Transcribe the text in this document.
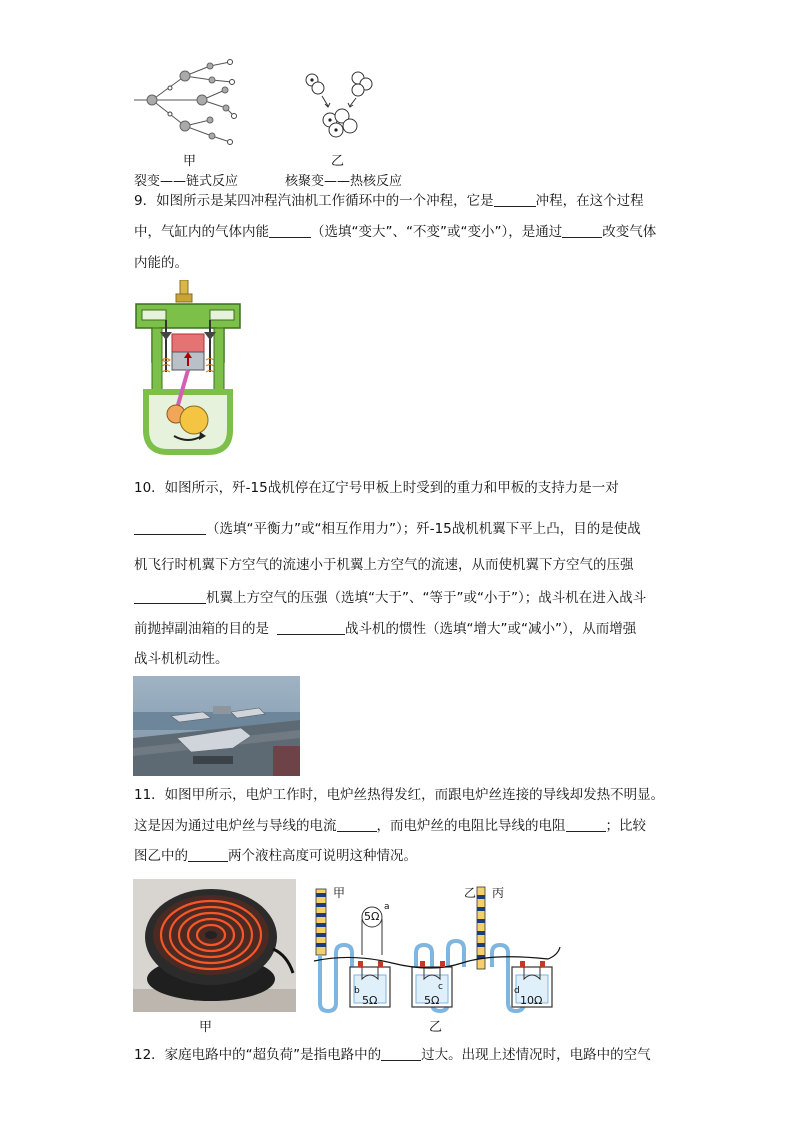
甲	乙
裂变——链式反应	核聚变——热核反应
9．如图所示是某四冲程汽油机工作循环中的一个冲程，它是	冲程，在这个过程
中，气缸内的气体内能	（选填“变大”、“不变”或“变小”），是通过	改变气体
内能的。
10．如图所示，歼-15战机停在辽宁号甲板上时受到的重力和甲板的支持力是一对
（选填“平衡力”或“相互作用力”）；歼-15战机机翼下平上凸，目的是使战
机飞行时机翼下方空气的流速小于机翼上方空气的流速，从而使机翼下方空气的压强
机翼上方空气的压强（选填“大于”、“等于”或“小于”）；战斗机在进入战斗
前抛掉副油箱的目的是	战斗机的惯性（选填“增大”或“减小”），从而增强
战斗机机动性。
11．如图甲所示，电炉工作时，电炉丝热得发红，而跟电炉丝连接的导线却发热不明显。
这是因为通过电炉丝与导线的电流	，而电炉丝的电阻比导线的电阻	；比较
图乙中的	两个液柱高度可说明这种情况。
甲	乙 丙
5Ω
a
b	c	d
5Ω	5Ω	10Ω
甲	乙
12．家庭电路中的“超负荷”是指电路中的	过大。出现上述情况时，电路中的空气
